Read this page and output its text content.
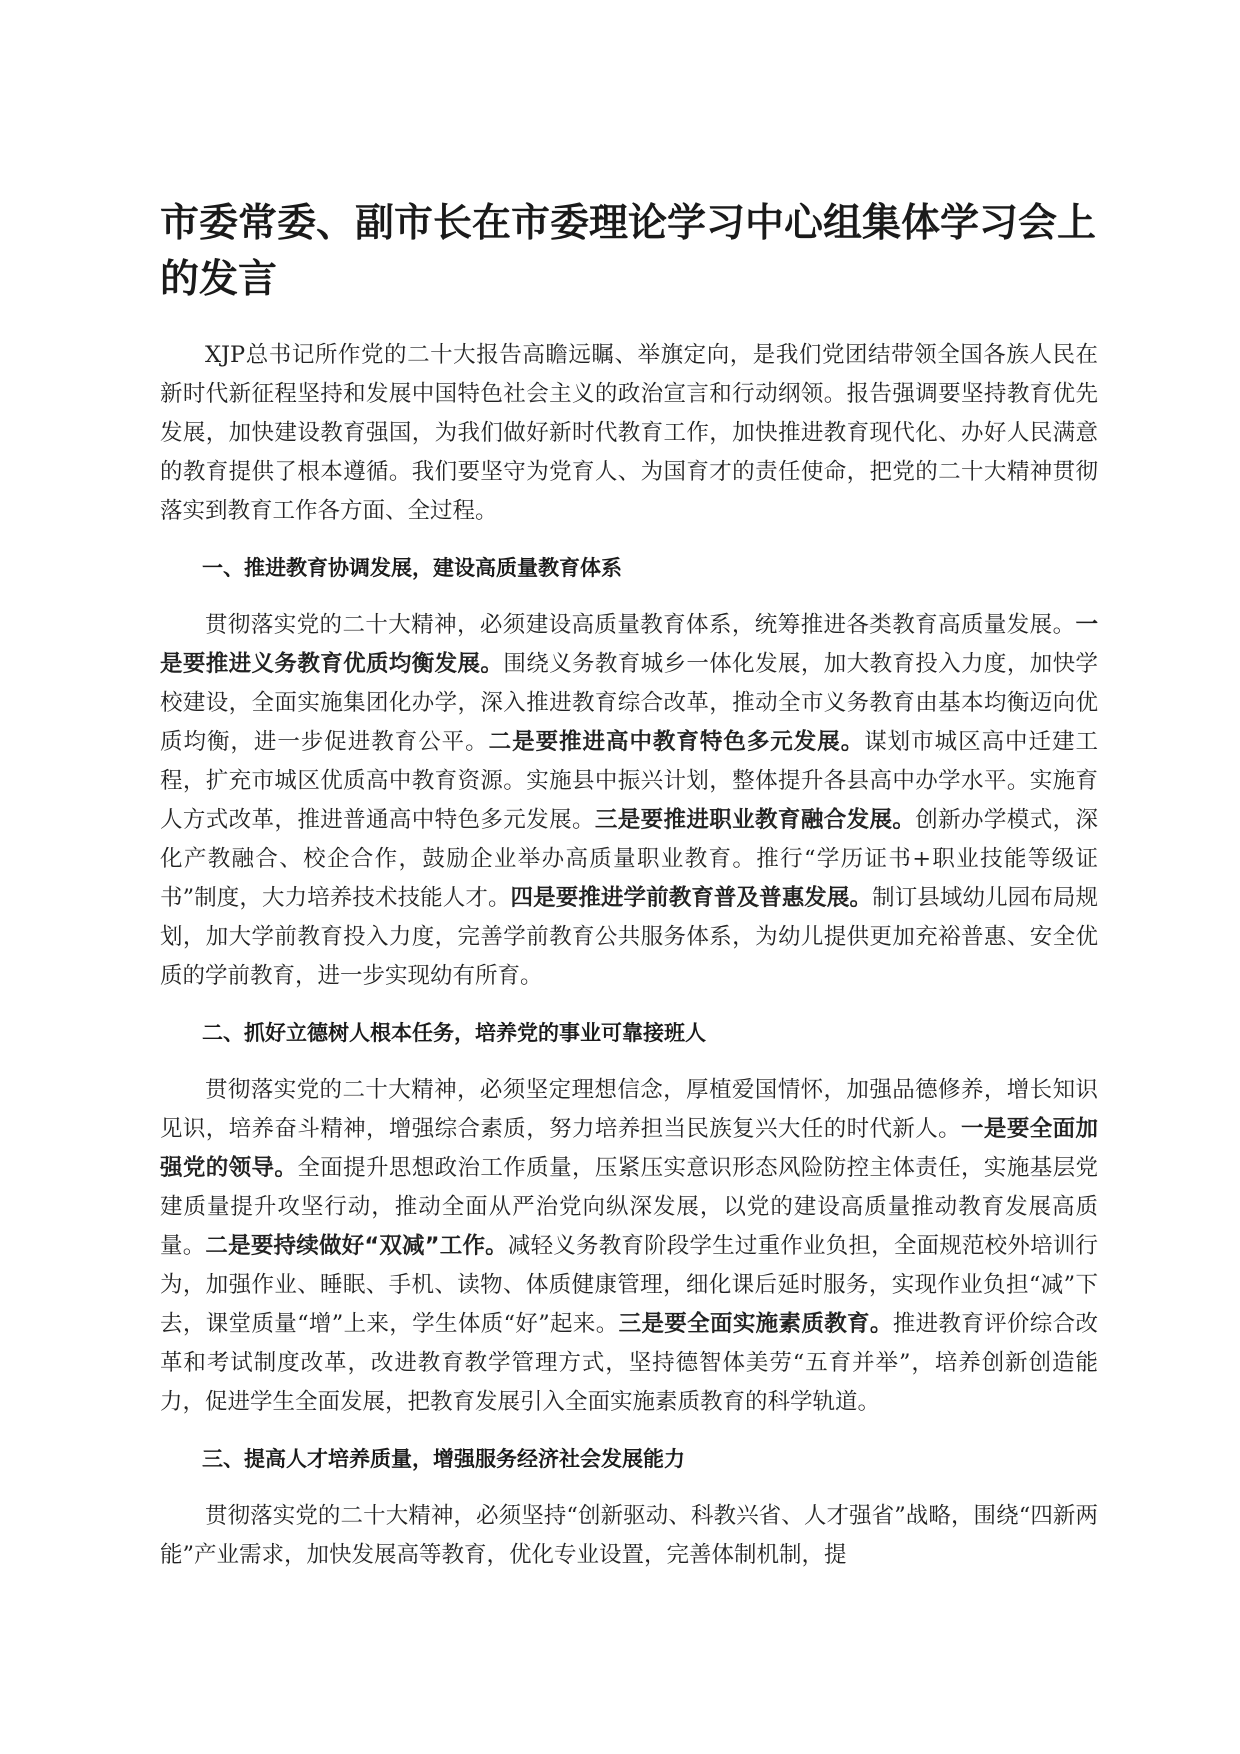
市委常委、副市长在市委理论学习中心组集体学习会上的发言

XJP总书记所作党的二十大报告高瞻远瞩、举旗定向，是我们党团结带领全国各族人民在新时代新征程坚持和发展中国特色社会主义的政治宣言和行动纲领。报告强调要坚持教育优先发展，加快建设教育强国，为我们做好新时代教育工作，加快推进教育现代化、办好人民满意的教育提供了根本遵循。我们要坚守为党育人、为国育才的责任使命，把党的二十大精神贯彻落实到教育工作各方面、全过程。

一、推进教育协调发展，建设高质量教育体系

贯彻落实党的二十大精神，必须建设高质量教育体系，统筹推进各类教育高质量发展。一是要推进义务教育优质均衡发展。围绕义务教育城乡一体化发展，加大教育投入力度，加快学校建设，全面实施集团化办学，深入推进教育综合改革，推动全市义务教育由基本均衡迈向优质均衡，进一步促进教育公平。二是要推进高中教育特色多元发展。谋划市城区高中迁建工程，扩充市城区优质高中教育资源。实施县中振兴计划，整体提升各县高中办学水平。实施育人方式改革，推进普通高中特色多元发展。三是要推进职业教育融合发展。创新办学模式，深化产教融合、校企合作，鼓励企业举办高质量职业教育。推行“学历证书+职业技能等级证书”制度，大力培养技术技能人才。四是要推进学前教育普及普惠发展。制订县域幼儿园布局规划，加大学前教育投入力度，完善学前教育公共服务体系，为幼儿提供更加充裕普惠、安全优质的学前教育，进一步实现幼有所育。

二、抓好立德树人根本任务，培养党的事业可靠接班人

贯彻落实党的二十大精神，必须坚定理想信念，厚植爱国情怀，加强品德修养，增长知识见识，培养奋斗精神，增强综合素质，努力培养担当民族复兴大任的时代新人。一是要全面加强党的领导。全面提升思想政治工作质量，压紧压实意识形态风险防控主体责任，实施基层党建质量提升攻坚行动，推动全面从严治党向纵深发展，以党的建设高质量推动教育发展高质量。二是要持续做好“双减”工作。减轻义务教育阶段学生过重作业负担，全面规范校外培训行为，加强作业、睡眠、手机、读物、体质健康管理，细化课后延时服务，实现作业负担“减”下去，课堂质量“增”上来，学生体质“好”起来。三是要全面实施素质教育。推进教育评价综合改革和考试制度改革，改进教育教学管理方式，坚持德智体美劳“五育并举”，培养创新创造能力，促进学生全面发展，把教育发展引入全面实施素质教育的科学轨道。

三、提高人才培养质量，增强服务经济社会发展能力

贯彻落实党的二十大精神，必须坚持“创新驱动、科教兴省、人才强省”战略，围绕“四新两能”产业需求，加快发展高等教育，优化专业设置，完善体制机制，提
